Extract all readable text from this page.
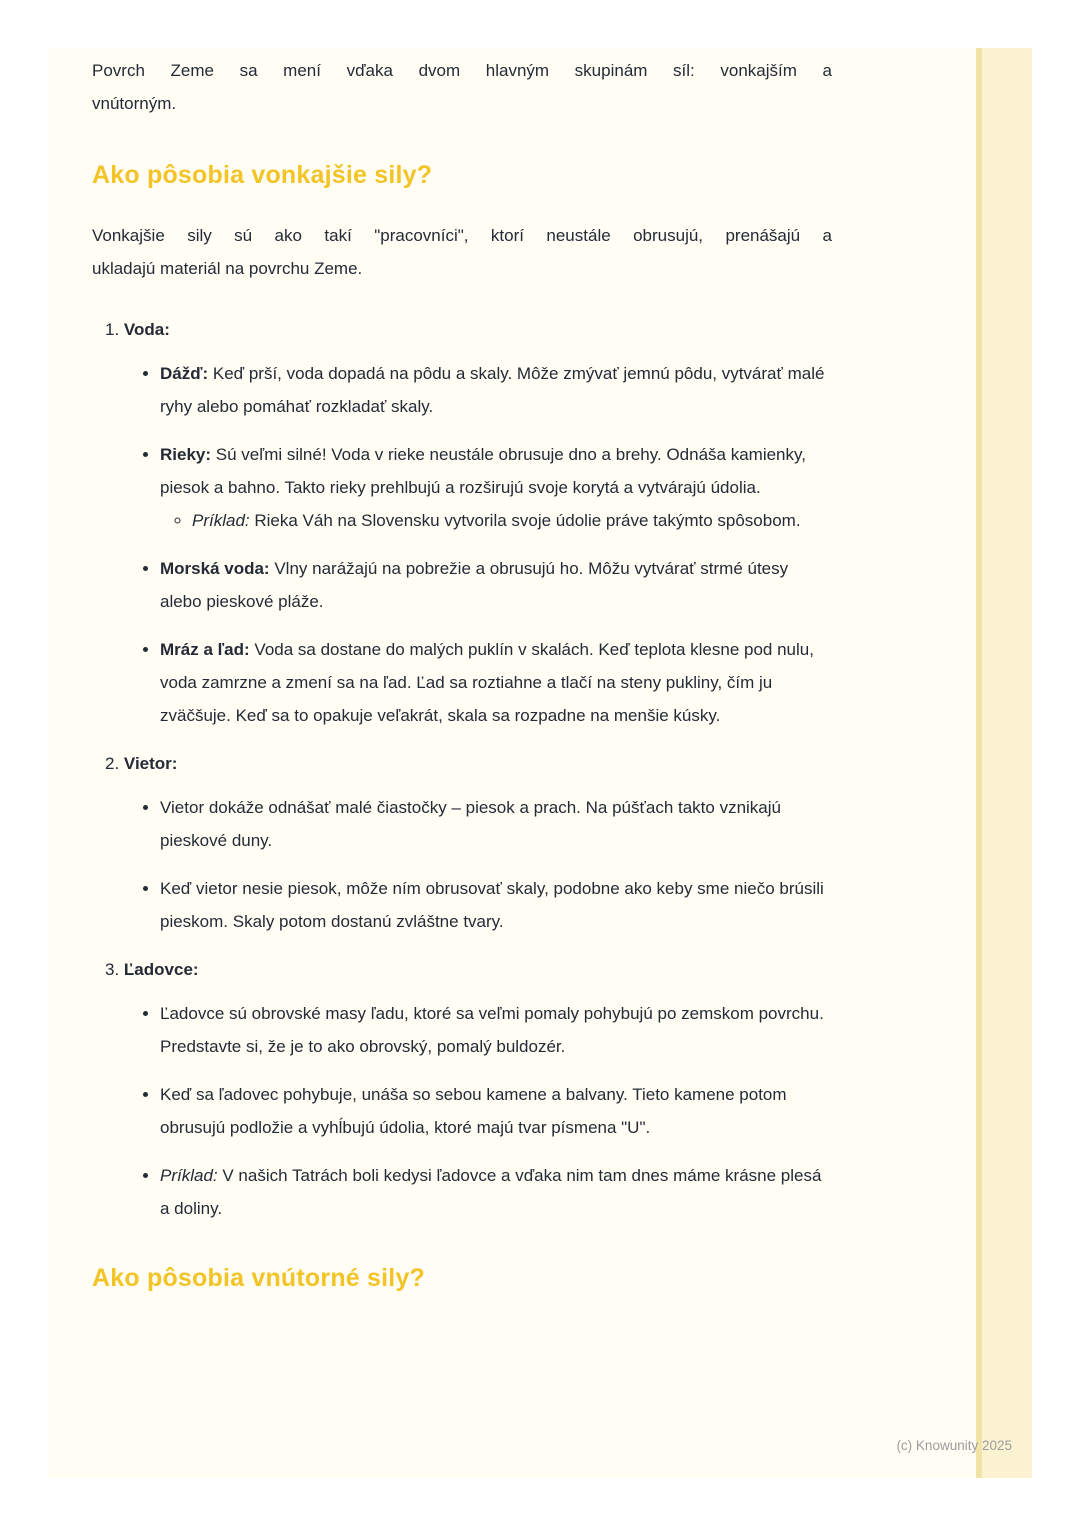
Povrch Zeme sa mení vďaka dvom hlavným skupinám síl: vonkajším a
vnútorným.

Ako pôsobia vonkajšie sily?

Vonkajšie sily sú ako takí "pracovníci", ktorí neustále obrusujú, prenášajú a
ukladajú materiál na povrchu Zeme.

1. Voda:
• Dážď: Keď prší, voda dopadá na pôdu a skaly. Môže zmývať jemnú pôdu, vytvárať malé ryhy alebo pomáhať rozkladať skaly.
• Rieky: Sú veľmi silné! Voda v rieke neustále obrusuje dno a brehy. Odnáša kamienky, piesok a bahno. Takto rieky prehlbujú a rozširujú svoje korytá a vytvárajú údolia.
◦ Príklad: Rieka Váh na Slovensku vytvorila svoje údolie práve takýmto spôsobom.
• Morská voda: Vlny narážajú na pobrežie a obrusujú ho. Môžu vytvárať strmé útesy alebo pieskové pláže.
• Mráz a ľad: Voda sa dostane do malých puklín v skalách. Keď teplota klesne pod nulu, voda zamrzne a zmení sa na ľad. Ľad sa roztiahne a tlačí na steny pukliny, čím ju zväčšuje. Keď sa to opakuje veľakrát, skala sa rozpadne na menšie kúsky.
2. Vietor:
• Vietor dokáže odnášať malé čiastočky – piesok a prach. Na púšťach takto vznikajú pieskové duny.
• Keď vietor nesie piesok, môže ním obrusovať skaly, podobne ako keby sme niečo brúsili pieskom. Skaly potom dostanú zvláštne tvary.
3. Ľadovce:
• Ľadovce sú obrovské masy ľadu, ktoré sa veľmi pomaly pohybujú po zemskom povrchu. Predstavte si, že je to ako obrovský, pomalý buldozér.
• Keď sa ľadovec pohybuje, unáša so sebou kamene a balvany. Tieto kamene potom obrusujú podložie a vyhĺbujú údolia, ktoré majú tvar písmena "U".
• Príklad: V našich Tatrách boli kedysi ľadovce a vďaka nim tam dnes máme krásne plesá a doliny.
Ako pôsobia vnútorné sily?
(c) Knowunity 2025
